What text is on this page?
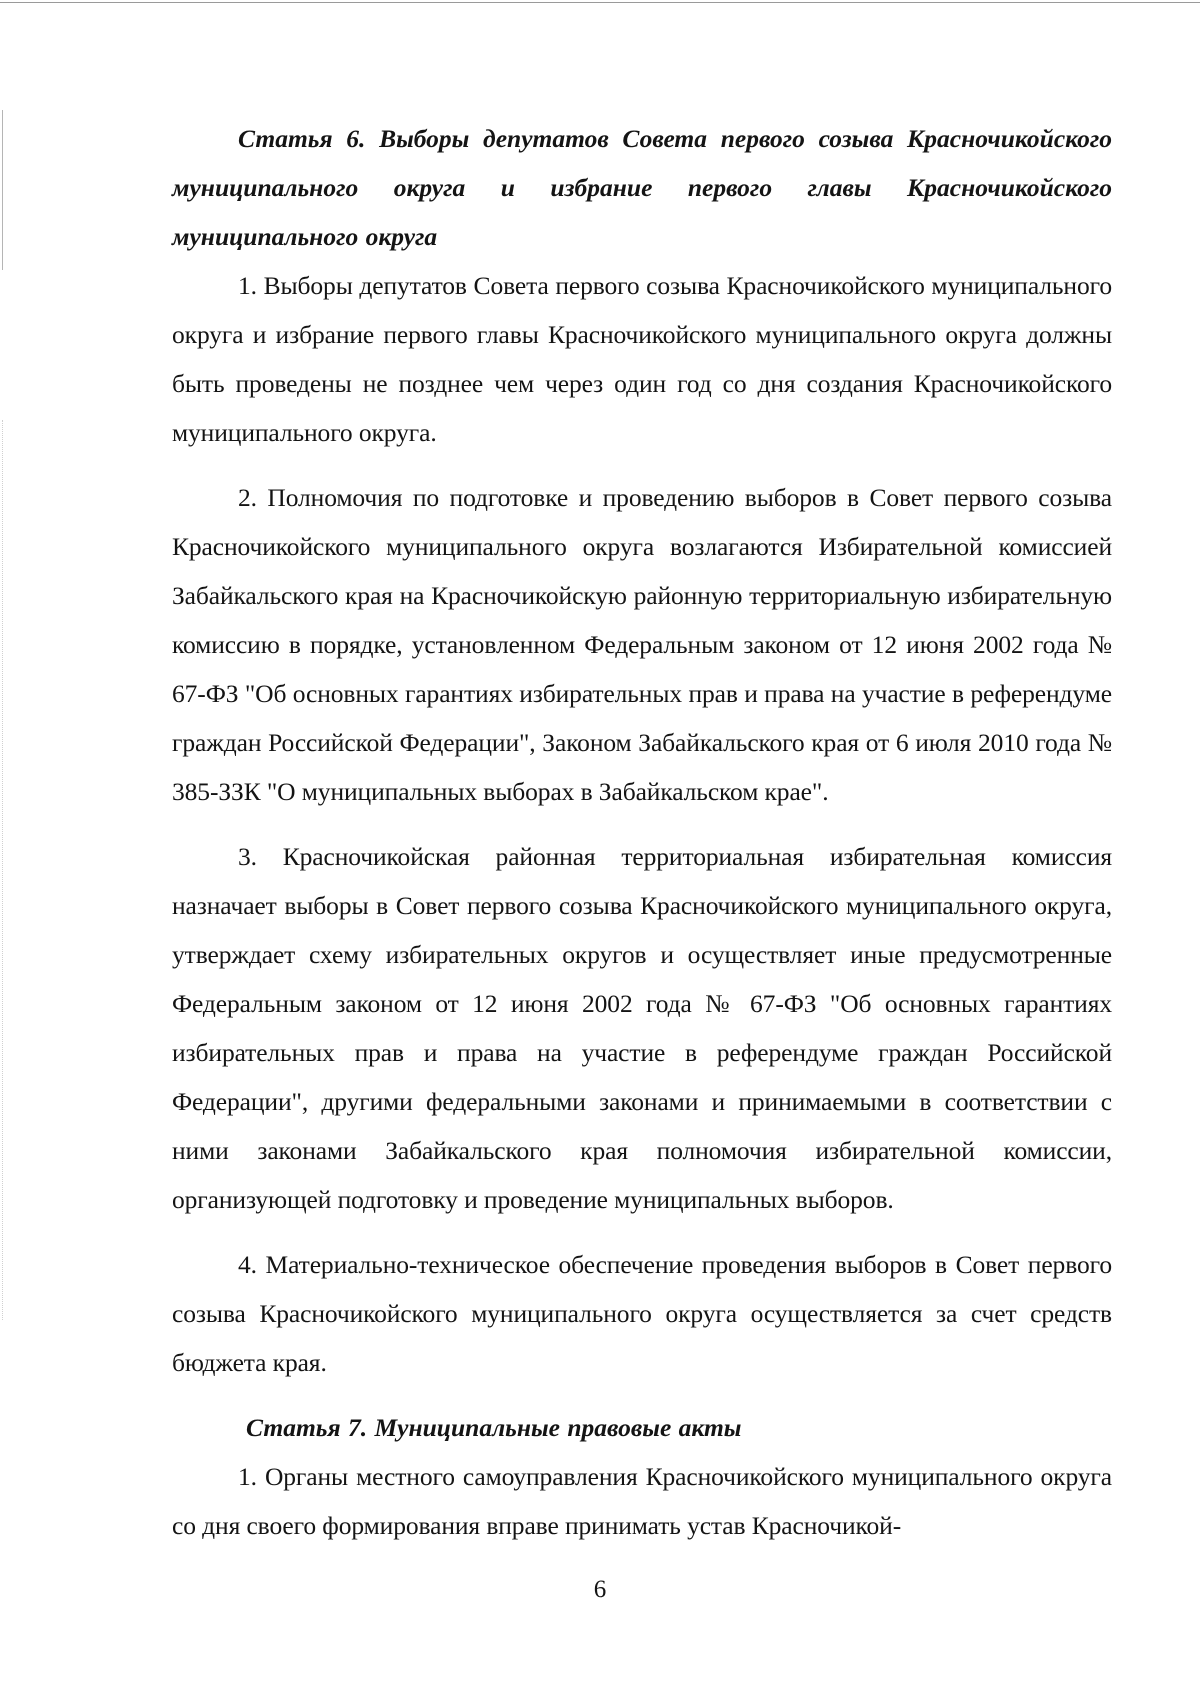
Статья 6. Выборы депутатов Совета первого созыва Красночикойского муниципального округа и избрание первого главы Красночикойского муниципального округа

1. Выборы депутатов Совета первого созыва Красночикойского муниципального округа и избрание первого главы Красночикойского муниципального округа должны быть проведены не позднее чем через один год со дня создания Красночикойского муниципального округа.

2. Полномочия по подготовке и проведению выборов в Совет первого созыва Красночикойского муниципального округа возлагаются Избирательной комиссией Забайкальского края на Красночикойскую районную территориальную избирательную комиссию в порядке, установленном Федеральным законом от 12 июня 2002 года № 67-ФЗ "Об основных гарантиях избирательных прав и права на участие в референдуме граждан Российской Федерации", Законом Забайкальского края от 6 июля 2010 года № 385-ЗЗК "О муниципальных выборах в Забайкальском крае".

3. Красночикойская районная территориальная избирательная комиссия назначает выборы в Совет первого созыва Красночикойского муниципального округа, утверждает схему избирательных округов и осуществляет иные предусмотренные Федеральным законом от 12 июня 2002 года № 67-ФЗ "Об основных гарантиях избирательных прав и права на участие в референдуме граждан Российской Федерации", другими федеральными законами и принимаемыми в соответствии с ними законами Забайкальского края полномочия избирательной комиссии, организующей подготовку и проведение муниципальных выборов.

4. Материально-техническое обеспечение проведения выборов в Совет первого созыва Красночикойского муниципального округа осуществляется за счет средств бюджета края.

Статья 7. Муниципальные правовые акты

1. Органы местного самоуправления Красночикойского муниципального округа со дня своего формирования вправе принимать устав Красночикой-

6
